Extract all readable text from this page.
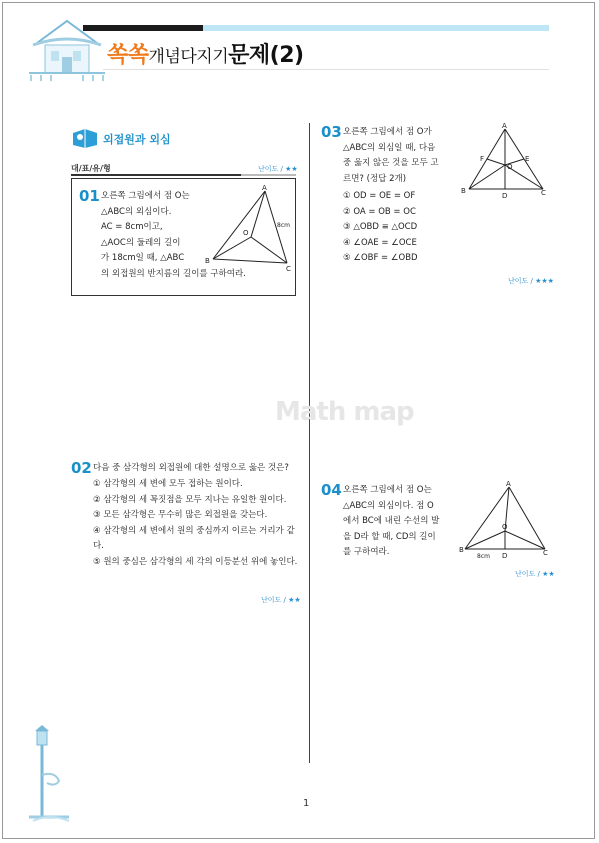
쏙쏙개념다지기문제(2)
외접원과 외심
대/표/유/형	난이도 / ★★
01 오른쪽 그림에서 점 O는
△ABC의 외심이다.
AC = 8cm이고,
△AOC의 둘레의 길이
가 18cm일 때, △ABC
의 외접원의 반지름의 길이를 구하여라.
A
B
C
O
8cm
02 다음 중 삼각형의 외접원에 대한 설명으로 옳은 것은?
① 삼각형의 세 변에 모두 접하는 원이다.
② 삼각형의 세 꼭짓점을 모두 지나는 유일한 원이다.
③ 모든 삼각형은 무수히 많은 외접원을 갖는다.
④ 삼각형의 세 변에서 원의 중심까지 이르는 거리가 같다.
⑤ 원의 중심은 삼각형의 세 각의 이등분선 위에 놓인다.
난이도 / ★★
03 오른쪽 그림에서 점 O가
△ABC의 외심일 때, 다음
중 옳지 않은 것을 모두 고
르면? (정답 2개)
① OD = OE = OF
② OA = OB = OC
③ △OBD ≡ △OCD
④ ∠OAE = ∠OCE
⑤ ∠OBF = ∠OBD
A
B	C
D
E
F
O
난이도 / ★★★
Math map
04 오른쪽 그림에서 점 O는
△ABC의 외심이다. 점 O
에서 BC에 내린 수선의 발
을 D라 할 때, CD의 길이
를 구하여라.
A
B	C
D
O
8cm
난이도 / ★★
1
